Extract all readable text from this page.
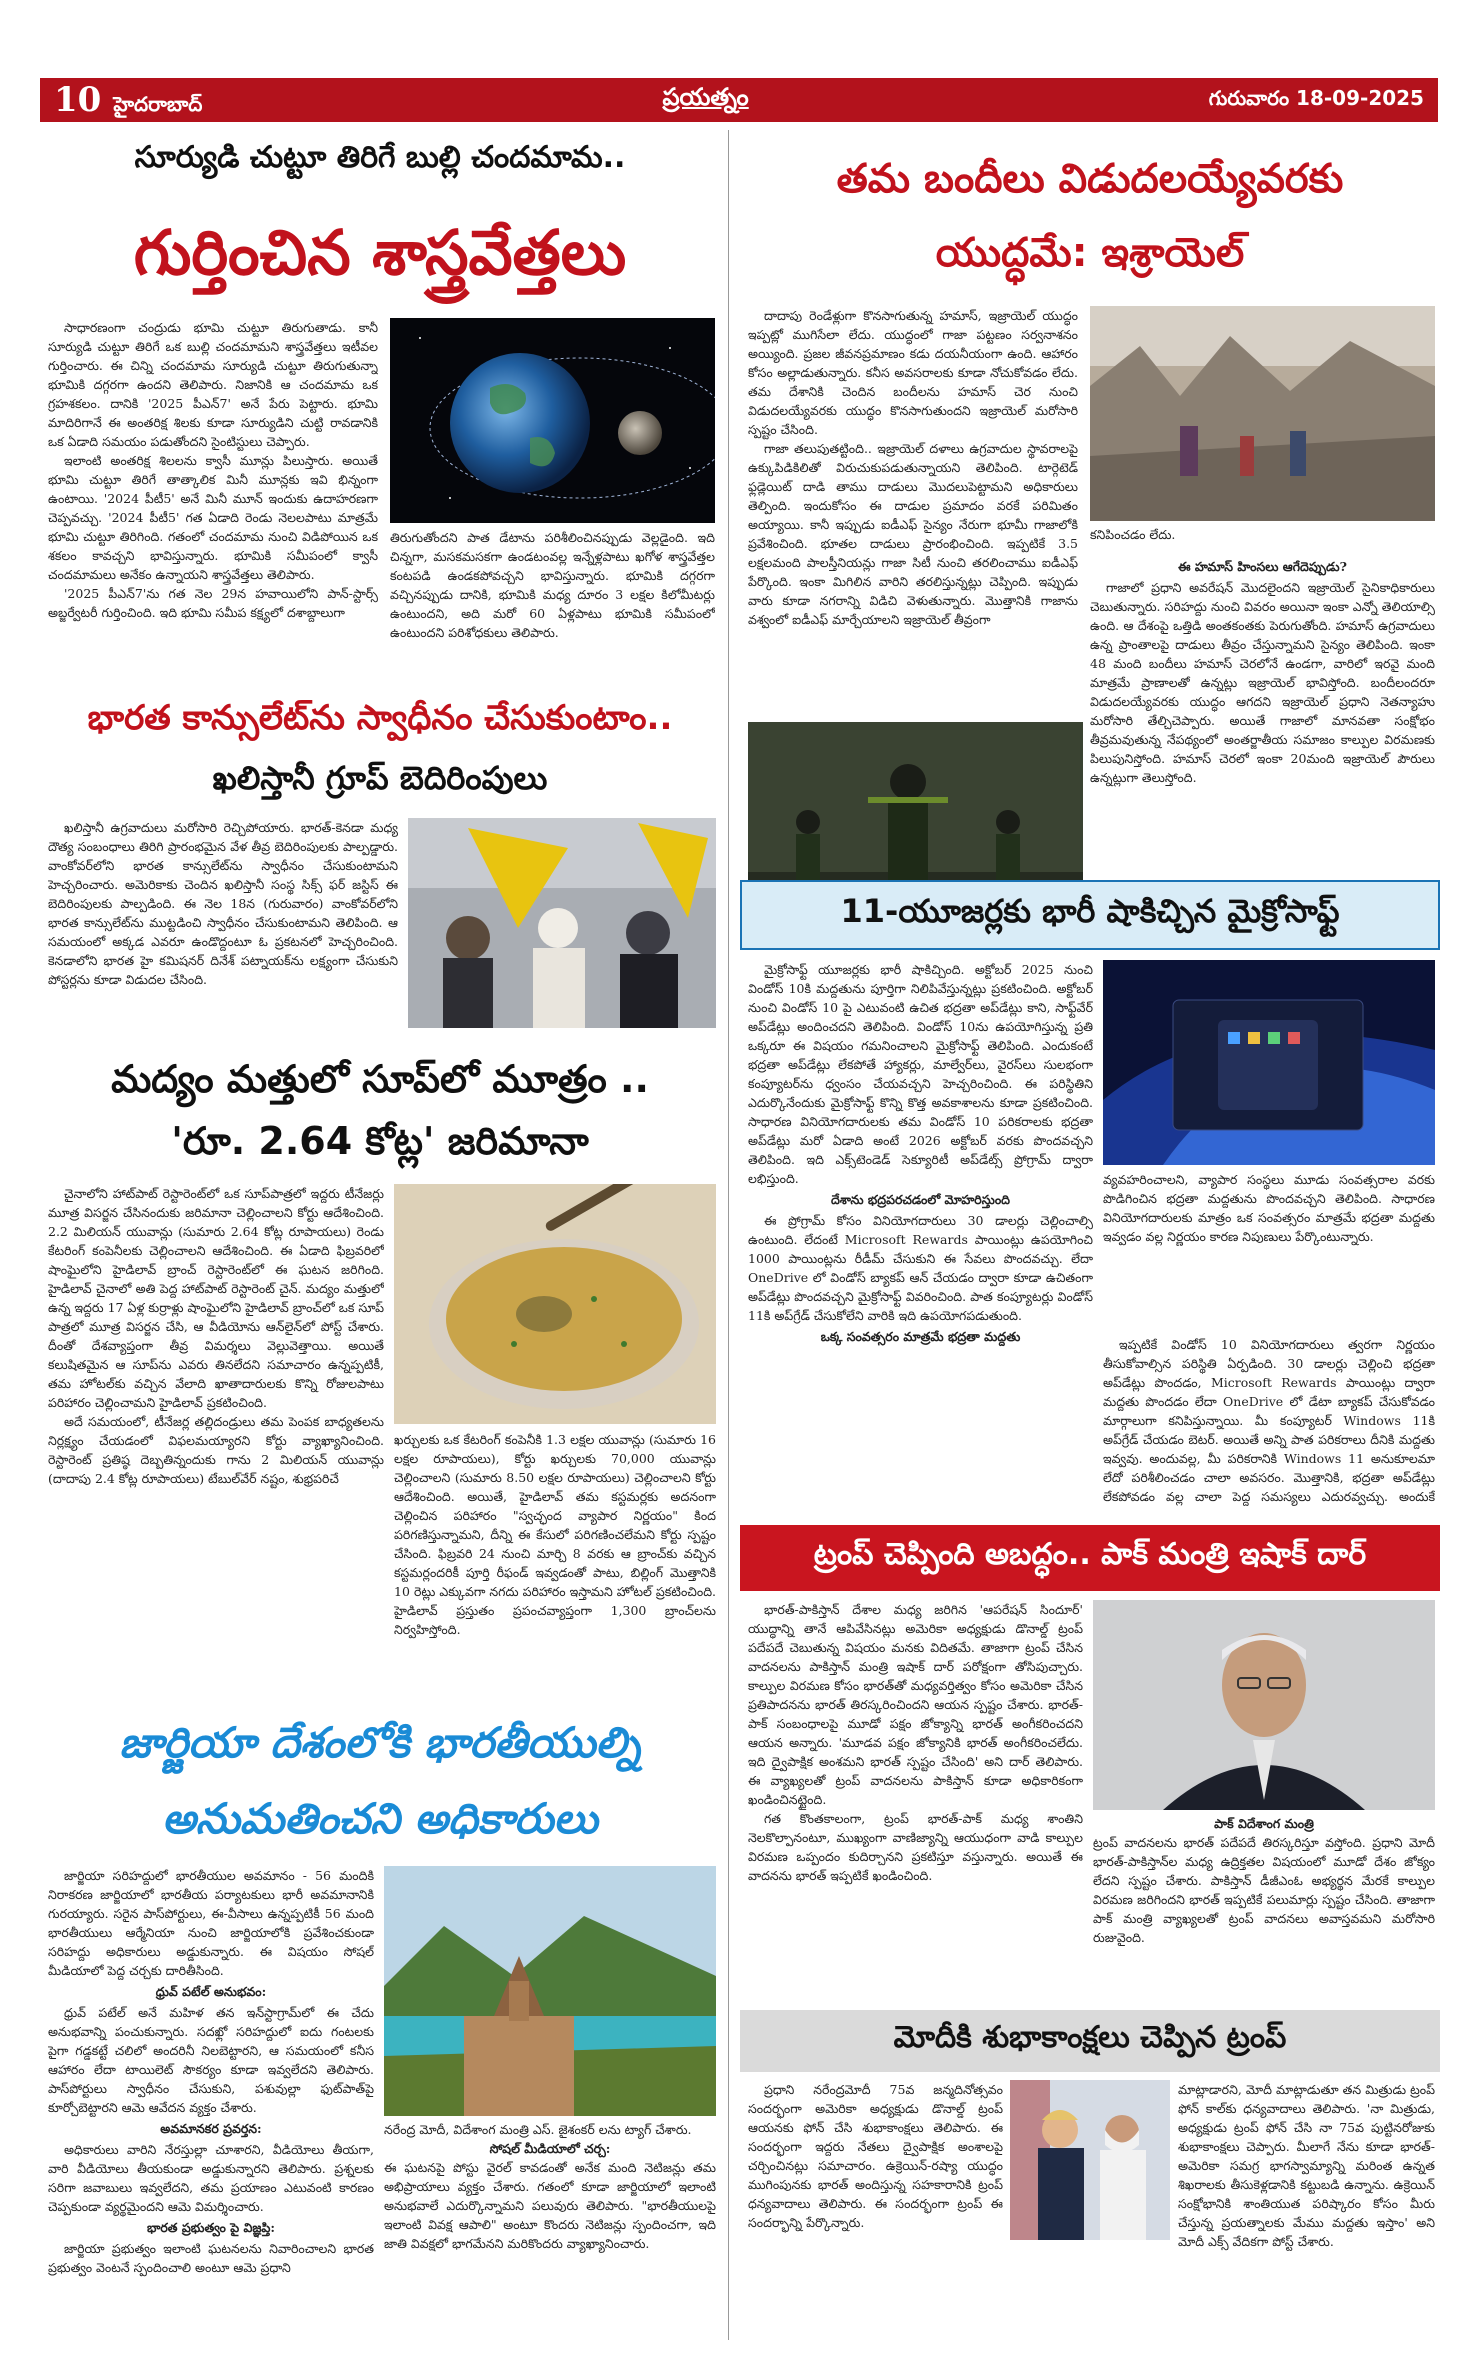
10 హైదరాబాద్	ప్రయత్నం	గురువారం 18-09-2025
సూర్యుడి చుట్టూ తిరిగే బుల్లి చందమామ..
గుర్తించిన శాస్త్రవేత్తలు

సాధారణంగా చంద్రుడు భూమి చుట్టూ తిరుగుతాడు. కానీ సూర్యుడి చుట్టూ తిరిగే ఒక బుల్లి చందమామని శాస్త్రవేత్తలు ఇటీవల గుర్తించారు. ఈ చిన్ని చందమామ సూర్యుడి చుట్టూ తిరుగుతున్నా భూమికి దగ్గరగా ఉందని తెలిపారు. నిజానికి ఆ చందమామ ఒక గ్రహశకలం. దానికి '2025 పీఎన్7' అనే పేరు పెట్టారు. భూమి మాదిరిగానే ఈ అంతరిక్ష శిలకు కూడా సూర్యుడిని చుట్టి రావడానికి ఒక ఏడాది సమయం పడుతోందని సైంటిస్టులు చెప్పారు.

ఇలాంటి అంతరిక్ష శిలలను క్వాసీ మూన్లు పిలుస్తారు. అయితే భూమి చుట్టూ తిరిగే తాత్కాలిక మినీ మూన్లకు ఇవి భిన్నంగా ఉంటాయి. '2024 పీటీ5' అనే మినీ మూన్ ఇందుకు ఉదాహరణగా చెప్పవచ్చు. '2024 పీటీ5' గత ఏడాది రెండు నెలలపాటు మాత్రమే భూమి చుట్టూ తిరిగింది. గతంలో చందమామ నుంచి విడిపోయిన ఒక శకలం కావచ్చని భావిస్తున్నారు. భూమికి సమీపంలో క్వాసీ చందమామలు అనేకం ఉన్నాయని శాస్త్రవేత్తలు తెలిపారు.

'2025 పీఎన్7'ను గత నెల 29న హవాయిలోని పాన్-స్టార్స్ అబ్జర్వేటరీ గుర్తించింది. ఇది భూమి సమీప కక్ష్యలో దశాబ్దాలుగా

తిరుగుతోందని పాత డేటాను పరిశీలించినప్పుడు వెల్లడైంది. ఇది చిన్నగా, మసకమసకగా ఉండటంవల్ల ఇన్నేళ్లపాటు ఖగోళ శాస్త్రవేత్తల కంటపడి ఉండకపోవచ్చని భావిస్తున్నారు. భూమికి దగ్గరగా వచ్చినప్పుడు దానికి, భూమికి మధ్య దూరం 3 లక్షల కిలోమీటర్లు ఉంటుందని, అది మరో 60 ఏళ్లపాటు భూమికి సమీపంలో ఉంటుందని పరిశోధకులు తెలిపారు.
భారత కాన్సులేట్‌ను స్వాధీనం చేసుకుంటాం..
ఖలిస్తానీ గ్రూప్ బెదిరింపులు

ఖలిస్తానీ ఉగ్రవాదులు మరోసారి రెచ్చిపోయారు. భారత్-కెనడా మధ్య దౌత్య సంబంధాలు తిరిగి ప్రారంభమైన వేళ తీవ్ర బెదిరింపులకు పాల్పడ్డారు. వాంకోవర్‌లోని భారత కాన్సులేట్‌ను స్వాధీనం చేసుకుంటామని హెచ్చరించారు. అమెరికాకు చెందిన ఖలిస్తానీ సంస్థ సిక్స్ ఫర్ జస్టిస్ ఈ బెదిరింపులకు పాల్పడింది. ఈ నెల 18న (గురువారం) వాంకోవర్‌లోని భారత కాన్సులేట్‌ను ముట్టడించి స్వాధీనం చేసుకుంటామని తెలిపింది. ఆ సమయంలో అక్కడ ఎవరూ ఉండొద్దంటూ ఓ ప్రకటనలో హెచ్చరించింది. కెనడాలోని భారత హై కమిషనర్ దినేశ్ పట్నాయక్‌ను లక్ష్యంగా చేసుకుని పోస్టర్లను కూడా విడుదల చేసింది.

మద్యం మత్తులో సూప్‌లో మూత్రం ..
'రూ. 2.64 కోట్ల' జరిమానా

చైనాలోని హాట్‌పాట్ రెస్టారెంట్‌లో ఒక సూప్‌పాత్రలో ఇద్దరు టీనేజర్లు మూత్ర విసర్జన చేసినందుకు జరిమానా చెల్లించాలని కోర్టు ఆదేశించింది. 2.2 మిలియన్ యువాన్లు (సుమారు 2.64 కోట్ల రూపాయలు) రెండు కేటరింగ్ కంపెనీలకు చెల్లించాలని ఆదేశించింది. ఈ ఏడాది ఫిబ్రవరిలో షాంఘైలోని హైడిలావ్ బ్రాంచ్ రెస్టారెంట్‌లో ఈ ఘటన జరిగింది. హైడిలావ్ చైనాలో అతి పెద్ద హాట్‌పాట్ రెస్టారెంట్ చైన్. మద్యం మత్తులో ఉన్న ఇద్దరు 17 ఏళ్ల కుర్రాళ్లు షాంఘైలోని హైడిలావ్ బ్రాంచ్‌లో ఒక సూప్ పాత్రలో మూత్ర విసర్జన చేసి, ఆ వీడియోను ఆన్‌లైన్‌లో పోస్ట్ చేశారు. దీంతో దేశవ్యాప్తంగా తీవ్ర విమర్శలు వెల్లువెత్తాయి. అయితే కలుషితమైన ఆ సూప్‌ను ఎవరు తినలేదని సమాచారం ఉన్నప్పటికీ, తమ హోటల్‌కు వచ్చిన వేలాది ఖాతాదారులకు కొన్ని రోజులపాటు పరిహారం చెల్లించామని హైడిలావ్ ప్రకటించింది.

అదే సమయంలో, టీనేజర్ల తల్లిదండ్రులు తమ పెంపక బాధ్యతలను నిర్లక్ష్యం చేయడంలో విఫలమయ్యారని కోర్టు వ్యాఖ్యానించింది. రెస్టారెంట్ ప్రతిష్ఠ దెబ్బతిన్నందుకు గాను 2 మిలియన్ యువాన్లు (దాదాపు 2.4 కోట్ల రూపాయలు) టేబుల్‌వేర్ నష్టం, శుభ్రపరిచే

ఖర్చులకు ఒక కేటరింగ్ కంపెనీకి 1.3 లక్షల యువాన్లు (సుమారు 16 లక్షల రూపాయలు), కోర్టు ఖర్చులకు 70,000 యువాన్లు చెల్లించాలని (సుమారు 8.50 లక్షల రూపాయలు) చెల్లించాలని కోర్టు ఆదేశించింది. అయితే, హైడిలావ్ తమ కస్టమర్లకు అదనంగా చెల్లించిన పరిహారం "స్వచ్ఛంద వ్యాపార నిర్ణయం" కింద పరిగణిస్తున్నామని, దీన్ని ఈ కేసులో పరిగణించలేమని కోర్టు స్పష్టం చేసింది. ఫిబ్రవరి 24 నుంచి మార్చి 8 వరకు ఆ బ్రాంచ్‌కు వచ్చిన కస్టమర్లందరికీ పూర్తి రీఫండ్ ఇవ్వడంతో పాటు, బిల్లింగ్ మొత్తానికి 10 రెట్లు ఎక్కువగా నగదు పరిహారం ఇస్తామని హోటల్ ప్రకటించింది. హైడిలావ్ ప్రస్తుతం ప్రపంచవ్యాప్తంగా 1,300 బ్రాంచ్‌లను నిర్వహిస్తోంది.
జార్జియా దేశంలోకి భారతీయుల్ని
అనుమతించని అధికారులు

జార్జియా సరిహద్దులో భారతీయుల అవమానం - 56 మందికి నిరాకరణ జార్జియాలో భారతీయ పర్యాటకులు భారీ అవమానానికి గురయ్యారు. సరైన పాస్‌పోర్టులు, ఈ-వీసాలు ఉన్నప్పటికీ 56 మంది భారతీయులు ఆర్మేనియా నుంచి జార్జియాలోకి ప్రవేశించకుండా సరిహద్దు అధికారులు అడ్డుకున్నారు. ఈ విషయం సోషల్ మీడియాలో పెద్ద చర్చకు దారితీసింది.

ధ్రువ్ పటేల్ అనుభవం:

ధ్రువ్ పటేల్ అనే మహిళ తన ఇన్‌స్టాగ్రామ్‌లో ఈ చేదు అనుభవాన్ని పంచుకున్నారు. సదఖ్లో సరిహద్దులో ఐదు గంటలకు పైగా గడ్డకట్టే చలిలో అందరినీ నిలబెట్టారని, ఆ సమయంలో కనీస ఆహారం లేదా టాయిలెట్ సౌకర్యం కూడా ఇవ్వలేదని తెలిపారు. పాస్‌పోర్టులు స్వాధీనం చేసుకుని, పశువుల్లా ఫుట్‌పాత్‌పై కూర్చోబెట్టారని ఆమె ఆవేదన వ్యక్తం చేశారు.

అవమానకర ప్రవర్తన:

అధికారులు వారిని నేరస్తుల్లా చూశారని, వీడియోలు తీయగా, వారి వీడియోలు తీయకుండా అడ్డుకున్నారని తెలిపారు. ప్రశ్నలకు సరిగా జవాబులు ఇవ్వలేదని, తమ ప్రయాణం ఎటువంటి కారణం చెప్పకుండా వ్యర్థమైందని ఆమె విమర్శించారు.

భారత ప్రభుత్వం పై విజ్ఞప్తి:

జార్జియా ప్రభుత్వం ఇలాంటి ఘటనలను నివారించాలని భారత ప్రభుత్వం వెంటనే స్పందించాలి అంటూ ఆమె ప్రధాని

నరేంద్ర మోదీ, విదేశాంగ మంత్రి ఎస్. జైశంకర్ లను ట్యాగ్ చేశారు.
సోషల్ మీడియాలో చర్చ:
ఈ ఘటనపై పోస్టు వైరల్ కావడంతో అనేక మంది నెటిజన్లు తమ అభిప్రాయాలు వ్యక్తం చేశారు. గతంలో కూడా జార్జియాలో ఇలాంటి అనుభవాలే ఎదుర్కొన్నామని పలువురు తెలిపారు. "భారతీయులపై ఇలాంటి వివక్ష ఆపాలి" అంటూ కొందరు నెటిజన్లు స్పందించగా, ఇది జాతి వివక్షలో భాగమేనని మరికొందరు వ్యాఖ్యానించారు.
తమ బందీలు విడుదలయ్యేవరకు
యుద్ధమే: ఇశ్రాయెల్

దాదాపు రెండేళ్లుగా కొనసాగుతున్న హమాస్, ఇజ్రాయెల్ యుద్ధం ఇప్పట్లో ముగిసేలా లేదు. యుద్ధంలో గాజా పట్టణం సర్వనాశనం అయ్యింది. ప్రజల జీవనప్రమాణం కడు దయనీయంగా ఉంది. ఆహారం కోసం అల్లాడుతున్నారు. కనీస అవసరాలకు కూడా నోచుకోవడం లేదు. తమ దేశానికి చెందిన బందీలను హమాస్ చెర నుంచి విడుదలయ్యేవరకు యుద్ధం కొనసాగుతుందని ఇజ్రాయెల్ మరోసారి స్పష్టం చేసింది.

గాజా తలుపుతట్టింది.. ఇజ్రాయెల్ దళాలు ఉగ్రవాదుల స్థావరాలపై ఉక్కుపిడికిలితో విరుచుకుపడుతున్నాయని తెలిపింది. టార్గెటెడ్ ఫ్లడ్లెయిట్ దాడి తాము దాడులు మొదలుపెట్టామని అధికారులు తెల్పింది. ఇందుకోసం ఈ దాడుల ప్రమాదం వరకే పరిమితం అయ్యాయి. కానీ ఇప్పుడు ఐడీఎఫ్ సైన్యం నేరుగా భూమీ గాజాలోకి ప్రవేశించింది. భూతల దాడులు ప్రారంభించింది. ఇప్పటికే 3.5 లక్షలమంది పాలస్తీనియన్లు గాజా సిటీ నుంచి తరలించాము ఐడీఎఫ్ పేర్కొంది. ఇంకా మిగిలిన వారిని తరలిస్తున్నట్లు చెప్పింది. ఇప్పుడు వారు కూడా నగరాన్ని విడిచి వెళుతున్నారు. మొత్తానికి గాజాను వశ్వంలో ఐడీఎఫ్ మార్చేయాలని ఇజ్రాయెల్ తీవ్రంగా

కనిపించడం లేదు.

ఈ హమాస్ హింసలు ఆగేదెప్పుడు?

గాజాలో ప్రధాని అవరేషన్ మొదలైందని ఇజ్రాయెల్ సైనికాధికారులు చెబుతున్నారు. సరిహద్దు నుంచి వివరం అయినా ఇంకా ఎన్నో తెలియాల్సి ఉంది. ఆ దేశంపై ఒత్తిడి అంతకంతకు పెరుగుతోంది. హమాస్ ఉగ్రవాదులు ఉన్న ప్రాంతాలపై దాడులు తీవ్రం చేస్తున్నామని సైన్యం తెలిపింది. ఇంకా 48 మంది బందీలు హమాస్ చెరలోనే ఉండగా, వారిలో ఇరవై మంది మాత్రమే ప్రాణాలతో ఉన్నట్లు ఇజ్రాయెల్ భావిస్తోంది. బందీలందరూ విడుదలయ్యేవరకు యుద్ధం ఆగదని ఇజ్రాయెల్ ప్రధాని నెతన్యాహు మరోసారి తేల్చిచెప్పారు. అయితే గాజాలో మానవతా సంక్షోభం తీవ్రమవుతున్న నేపథ్యంలో అంతర్జాతీయ సమాజం కాల్పుల విరమణకు పిలుపునిస్తోంది. హమాస్ చెరలో ఇంకా 20మంది ఇజ్రాయెల్ పౌరులు ఉన్నట్లుగా తెలుస్తోంది.

11-యూజర్లకు భారీ షాకిచ్చిన మైక్రోసాఫ్ట్

మైక్రోసాఫ్ట్ యూజర్లకు భారీ షాకిచ్చింది. అక్టోబర్ 2025 నుంచి విండోస్ 10కి మద్దతును పూర్తిగా నిలిపివేస్తున్నట్లు ప్రకటించింది. అక్టోబర్ నుంచి విండోస్ 10 పై ఎటువంటి ఉచిత భద్రతా అప్‌డేట్లు కాని, సాఫ్ట్‌వేర్ అప్‌డేట్లు అందించదని తెలిపింది. విండోస్ 10ను ఉపయోగిస్తున్న ప్రతి ఒక్కరూ ఈ విషయం గమనించాలని మైక్రోసాఫ్ట్ తెలిపింది. ఎందుకంటే భద్రతా అప్‌డేట్లు లేకపోతే హ్యాకర్లు, మాల్వేర్‌లు, వైరస్‌లు సులభంగా కంప్యూటర్‌ను ధ్వంసం చేయవచ్చని హెచ్చరించింది. ఈ పరిస్థితిని ఎదుర్కొనేందుకు మైక్రోసాఫ్ట్ కొన్ని కొత్త అవకాశాలను కూడా ప్రకటించింది. సాధారణ వినియోగదారులకు తమ విండోస్ 10 పరికరాలకు భద్రతా అప్‌డేట్లు మరో ఏడాది అంటే 2026 అక్టోబర్ వరకు పొందవచ్చని తెలిపింది. ఇది ఎక్స్‌టెండెడ్ సెక్యూరిటీ అప్‌డేట్స్ ప్రోగ్రామ్ ద్వారా లభిస్తుంది.

దేశాను భద్రపరచడంలో మోహరిస్తుంది

ఈ ప్రోగ్రామ్ కోసం వినియోగదారులు 30 డాలర్లు చెల్లించాల్సి ఉంటుంది. లేదంటే Microsoft Rewards పాయింట్లు ఉపయోగించి 1000 పాయింట్లను రీడీమ్ చేసుకుని ఈ సేవలు పొందవచ్చు. లేదా OneDrive లో విండోస్ బ్యాకప్ ఆన్ చేయడం ద్వారా కూడా ఉచితంగా అప్‌డేట్లు పొందవచ్చని మైక్రోసాఫ్ట్ వివరించింది. పాత కంప్యూటర్లు విండోస్ 11కి అప్‌గ్రేడ్ చేసుకోలేని వారికి ఇది ఉపయోగపడుతుంది.

ఒక్క సంవత్సరం మాత్రమే భద్రతా మద్దతు

వ్యవహరించాలని, వ్యాపార సంస్థలు మూడు సంవత్సరాల వరకు పొడిగించిన భద్రతా మద్దతును పొందవచ్చని తెలిపింది. సాధారణ వినియోగదారులకు మాత్రం ఒక సంవత్సరం మాత్రమే భద్రతా మద్దతు ఇవ్వడం వల్ల నిర్ణయం కారణ నిపుణులు పేర్కొంటున్నారు.

ఇప్పటికే విండోస్ 10 వినియోగదారులు త్వరగా నిర్ణయం తీసుకోవాల్సిన పరిస్థితి ఏర్పడింది. 30 డాలర్లు చెల్లించి భద్రతా అప్‌డేట్లు పొందడం, Microsoft Rewards పాయింట్లు ద్వారా మద్దతు పొందడం లేదా OneDrive లో డేటా బ్యాకప్ చేసుకోవడం మార్గాలుగా కనిపిస్తున్నాయి. మీ కంప్యూటర్ Windows 11కి అప్‌గ్రేడ్ చేయడం బెటర్. అయితే అన్ని పాత పరికరాలు దీనికి మద్దతు ఇవ్వవు. అందువల్ల, మీ పరికరానికి Windows 11 అనుకూలమా లేదో పరిశీలించడం చాలా అవసరం. మొత్తానికి, భద్రతా అప్‌డేట్లు లేకపోవడం వల్ల చాలా పెద్ద సమస్యలు ఎదురవ్వచ్చు. అందుకే

ట్రంప్ చెప్పింది అబద్ధం.. పాక్ మంత్రి ఇషాక్ దార్

భారత్-పాకిస్తాన్ దేశాల మధ్య జరిగిన 'ఆపరేషన్ సిందూర్' యుద్ధాన్ని తానే ఆపివేసినట్లు అమెరికా అధ్యక్షుడు డొనాల్డ్ ట్రంప్ పదేపదే చెబుతున్న విషయం మనకు విదితమే. తాజాగా ట్రంప్ చేసిన వాదనలను పాకిస్తాన్ మంత్రి ఇషాక్ దార్ పరోక్షంగా తోసిపుచ్చారు. కాల్పుల విరమణ కోసం భారత్‌తో మధ్యవర్తిత్వం కోసం అమెరికా చేసిన ప్రతిపాదనను భారత్ తిరస్కరించిందని ఆయన స్పష్టం చేశారు. భారత్-పాక్ సంబంధాలపై మూడో పక్షం జోక్యాన్ని భారత్ అంగీకరించదని ఆయన అన్నారు. 'మూడవ పక్షం జోక్యానికి భారత్ అంగీకరించలేదు. ఇది ద్వైపాక్షిక అంశమని భారత్ స్పష్టం చేసింది' అని దార్ తెలిపారు. ఈ వ్యాఖ్యలతో ట్రంప్ వాదనలను పాకిస్తాన్ కూడా అధికారికంగా ఖండించినట్టైంది.

గత కొంతకాలంగా, ట్రంప్ భారత్-పాక్ మధ్య శాంతిని నెలకొల్పానంటూ, ముఖ్యంగా వాణిజ్యాన్ని ఆయుధంగా వాడి కాల్పుల విరమణ ఒప్పందం కుదిర్చానని ప్రకటిస్తూ వస్తున్నారు. అయితే ఈ వాదనను భారత్ ఇప్పటికే ఖండించింది.

పాక్ విదేశాంగ మంత్రి
ట్రంప్ వాదనలను భారత్ పదేపదే తిరస్కరిస్తూ వస్తోంది. ప్రధాని మోదీ భారత్-పాకిస్తాన్‌ల మధ్య ఉద్రిక్తతల విషయంలో మూడో దేశం జోక్యం లేదని స్పష్టం చేశారు. పాకిస్తాన్ డీజీఎంఓ అభ్యర్థన మేరకే కాల్పుల విరమణ జరిగిందని భారత్ ఇప్పటికే పలుమార్లు స్పష్టం చేసింది. తాజాగా పాక్ మంత్రి వ్యాఖ్యలతో ట్రంప్ వాదనలు అవాస్తవమని మరోసారి రుజువైంది.
మోదీకి శుభాకాంక్షలు చెప్పిన ట్రంప్

ప్రధాని నరేంద్రమోదీ 75వ జన్మదినోత్సవం సందర్భంగా అమెరికా అధ్యక్షుడు డొనాల్డ్ ట్రంప్ ఆయనకు ఫోన్ చేసి శుభాకాంక్షలు తెలిపారు. ఈ సందర్భంగా ఇద్దరు నేతలు ద్వైపాక్షిక అంశాలపై చర్చించినట్లు సమాచారం. ఉక్రెయిన్-రష్యా యుద్ధం ముగింపునకు భారత్ అందిస్తున్న సహకారానికి ట్రంప్ ధన్యవాదాలు తెలిపారు. ఈ సందర్భంగా ట్రంప్ ఈ సందర్భాన్ని పేర్కొన్నారు.

మాట్లాడారని, మోదీ మాట్లాడుతూ తన మిత్రుడు ట్రంప్ ఫోన్ కాల్‌కు ధన్యవాదాలు తెలిపారు. 'నా మిత్రుడు, అధ్యక్షుడు ట్రంప్ ఫోన్ చేసి నా 75వ పుట్టినరోజుకు శుభాకాంక్షలు చెప్పారు. మీలాగే నేను కూడా భారత్-అమెరికా సమగ్ర భాగస్వామ్యాన్ని మరింత ఉన్నత శిఖరాలకు తీసుకెళ్లడానికి కట్టుబడి ఉన్నాను. ఉక్రెయిన్ సంక్షోభానికి శాంతియుత పరిష్కారం కోసం మీరు చేస్తున్న ప్రయత్నాలకు మేము మద్దతు ఇస్తాం' అని మోదీ ఎక్స్ వేదికగా పోస్ట్ చేశారు.
